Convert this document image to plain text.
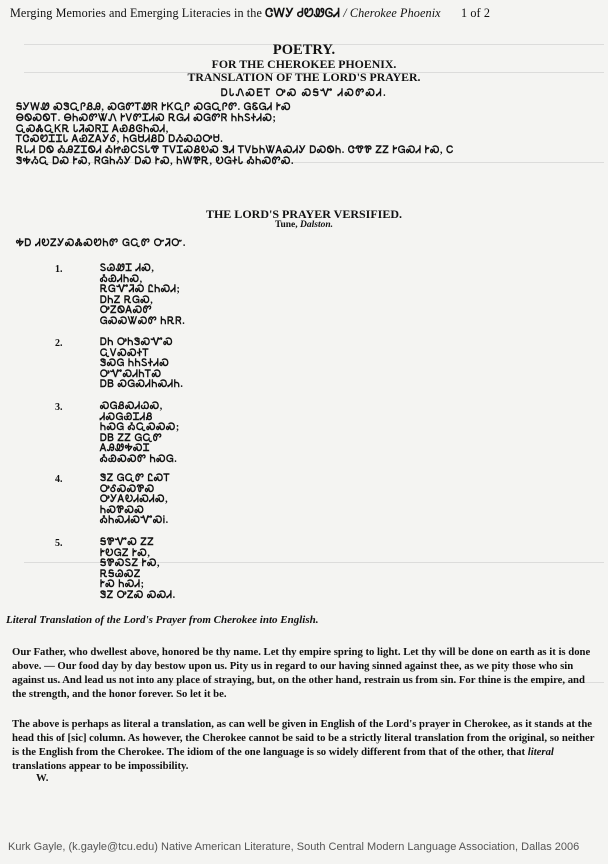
Merging Memories and Emerging Literacies in the ᏣᎳᎩ ᏧᏬᏪᎶᏗ / Cherokee Phoenix 1 of 2
POETRY.
FOR THE CHEROKEE PHOENIX.
TRANSLATION OF THE LORD'S PRAYER.
ᎠᏓᏁᏍᎬᎢ ᎤᏍ ᏍᎦᏉ ᏗᏍᏛᏍᏗ.
ᎦᎩᎳᏪ ᏍᏕᏩᎵᏰᎯ, ᏍᏀᏛᎢᏪᏒ ᎨᏦᏩᎵ ᏍᏀᏩᎵᏛ. ᏀᏋᏀᏗ ᎨᏍ
ᎾᏫᏍᏫᎢ. ᎾᏂᏍᏛᏔᏁ ᎨᏙᏛᏆᏗᏍ ᎡᏀᏗ ᏍᏀᏛᏒ ᏂᏂᏚᏐᏗᏍ;
ᏩᏍᏜᏩᏦᎡ ᏓᏘᏍᏒᏆ ᎪᏯᏰᎶᏂᏍᏗ,
ᎢᏣᏍᏬᏆᏆᏓ ᎪᏯᏃᎪᎩᎴ, ᏂᏀᏌᏗᏰᎠ ᎠᏱᏍᏇᎤᏌ.
ᎡᏓᏗ ᎠᏫ ᎣᎯᏃᏆᏫᏗ ᎣᏥᏯᏟᏚᏓᏡ ᎢᏙᏆᏍᏰᎧᏍ ᏕᏗ ᎢᏙᏏᏂᏔᎪᏍᏗᎩ ᎠᏍᏫᏂ. ᏣᏡᏈ ᏃᏃ ᎨᏀᏍᏗ ᎨᏍ, Ꮯ
ᏕᎭᏱᏩ ᎠᏍ ᎨᏍ, ᏒᏀᏂᏱᎩ ᎠᏍ ᎨᏍ, ᏂᎳᏈᎡ, ᎧᏀᏐᏓ ᎣᏂᏍᏛᏍ.
THE LORD'S PRAYER VERSIFIED.
Tune, Dalston.
ᎭᎠ ᏗᎧᏃᎩᏍᏜᏍᏬᏂᏛ ᏀᏩᏛ ᏅᏘᏅ.
1.	ᏚᏊᏪᏆ ᏗᏍ,
ᎣᏯᏗᏂᏍ,
ᎡᏀᏉᏘᏍ ᏝᏂᏍᏗ;
ᎠᏂᏃ ᎡᏀᏍ,
ᎤᏃᏫᎪᏍᏛ
ᏀᏍᏍᏔᏍᏛ ᏂᎡᏒ.
2.	ᎠᏂ ᎤᏂᏕᏍᏉᏍ
ᏩᏙᏍᏍᏐᎢ
ᏕᏍᏀ ᏂᏂᏚᏐᏗᏍ
ᎤᏉᏍᏗᏂᎢᏍ
ᎠᏴ ᏍᏀᏍᏗᏂᏍᏗᏂ.
3.	ᏍᏀᏰᏍᏗᏇᏍ,
ᏗᏍᏀᏯᏆᏗᏰ
ᏂᏍᏀ ᎣᏩᏍᏍᏍ;
ᎠᏴ ᏃᏃ ᏀᏩᏛ
ᎪᎯᏪᎭᏍᏆ
ᎣᏯᏍᏍᏛ ᏂᏍᏀ.
4.	ᏕᏃ ᏀᏩᏛ ᏝᏍᎢ
ᎤᎴᏍᏍᏈᏍ
ᎤᎩᎪᎧᏗᏍᏗᏍ,
ᏂᏍᏈᏍᏍ
ᎣᏂᏍᏗᏍᏉᏍᎥ.
5.	ᎦᏈᏉᏍ ᏃᏃ
ᎨᎧᏀᏃ ᎨᏍ,
ᎦᏈᏍᏚᏃ ᎨᏍ,
ᎡᎦᏊᏍᏃ
ᎨᏍ ᏂᏍᏗ;
ᏕᏃ ᎤᏃᏍ ᏍᏍᏗ.
Literal Translation of the Lord's Prayer from Cherokee into English.
Our Father, who dwellest above, honored be thy name. Let thy empire spring to light. Let thy will be done on earth as it is done above. — Our food day by day bestow upon us. Pity us in regard to our having sinned against thee, as we pity those who sin against us. And lead us not into any place of straying, but, on the other hand, restrain us from sin. For thine is the empire, and the strength, and the honor forever. So let it be.
The above is perhaps as literal a translation, as can well be given in English of the Lord's prayer in Cherokee, as it stands at the head this of [sic] column. As however, the Cherokee cannot be said to be a strictly literal translation from the original, so neither is the English from the Cherokee. The idiom of the one language is so widely different from that of the other, that literal translations appear to be impossibility.
W.
Kurk Gayle, (k.gayle@tcu.edu) Native American Literature, South Central Modern Language Association, Dallas 2006
